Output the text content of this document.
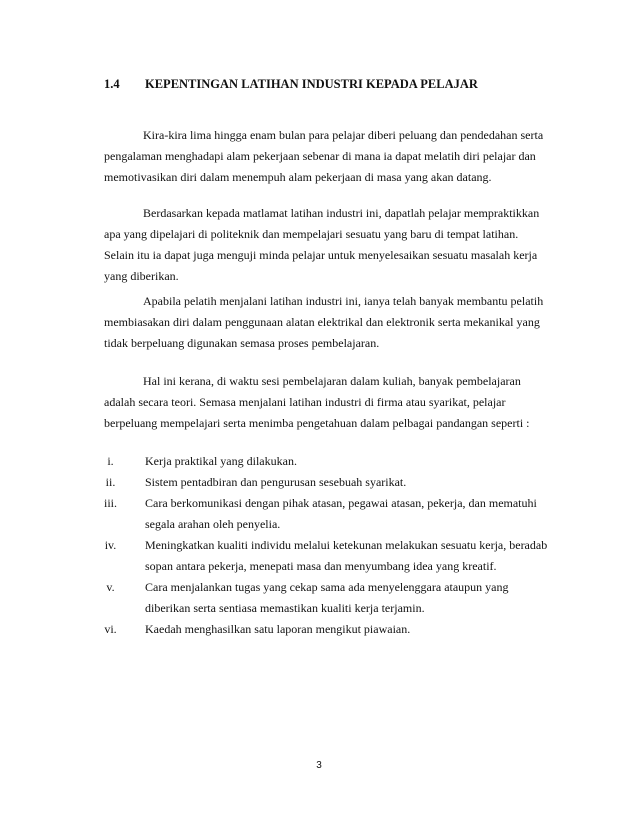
1.4 KEPENTINGAN LATIHAN INDUSTRI KEPADA PELAJAR
Kira-kira lima hingga enam bulan para pelajar diberi peluang dan pendedahan serta
pengalaman menghadapi alam pekerjaan sebenar di mana ia dapat melatih diri pelajar dan
memotivasikan diri dalam menempuh alam pekerjaan di masa yang akan datang.
Berdasarkan kepada matlamat latihan industri ini, dapatlah pelajar mempraktikkan
apa yang dipelajari di politeknik dan mempelajari sesuatu yang baru di tempat latihan.
Selain itu ia dapat juga menguji minda pelajar untuk menyelesaikan sesuatu masalah kerja
yang diberikan.
Apabila pelatih menjalani latihan industri ini, ianya telah banyak membantu pelatih
membiasakan diri dalam penggunaan alatan elektrikal dan elektronik serta mekanikal yang
tidak berpeluang digunakan semasa proses pembelajaran.
Hal ini kerana, di waktu sesi pembelajaran dalam kuliah, banyak pembelajaran
adalah secara teori. Semasa menjalani latihan industri di firma atau syarikat, pelajar
berpeluang mempelajari serta menimba pengetahuan dalam pelbagai pandangan seperti :
i.	Kerja praktikal yang dilakukan.
ii.	Sistem pentadbiran dan pengurusan sesebuah syarikat.
iii.	Cara berkomunikasi dengan pihak atasan, pegawai atasan, pekerja, dan mematuhi
segala arahan oleh penyelia.
iv.	Meningkatkan kualiti individu melalui ketekunan melakukan sesuatu kerja, beradab
sopan antara pekerja, menepati masa dan menyumbang idea yang kreatif.
v.	Cara menjalankan tugas yang cekap sama ada menyelenggara ataupun yang
diberikan serta sentiasa memastikan kualiti kerja terjamin.
vi.	Kaedah menghasilkan satu laporan mengikut piawaian.
3
